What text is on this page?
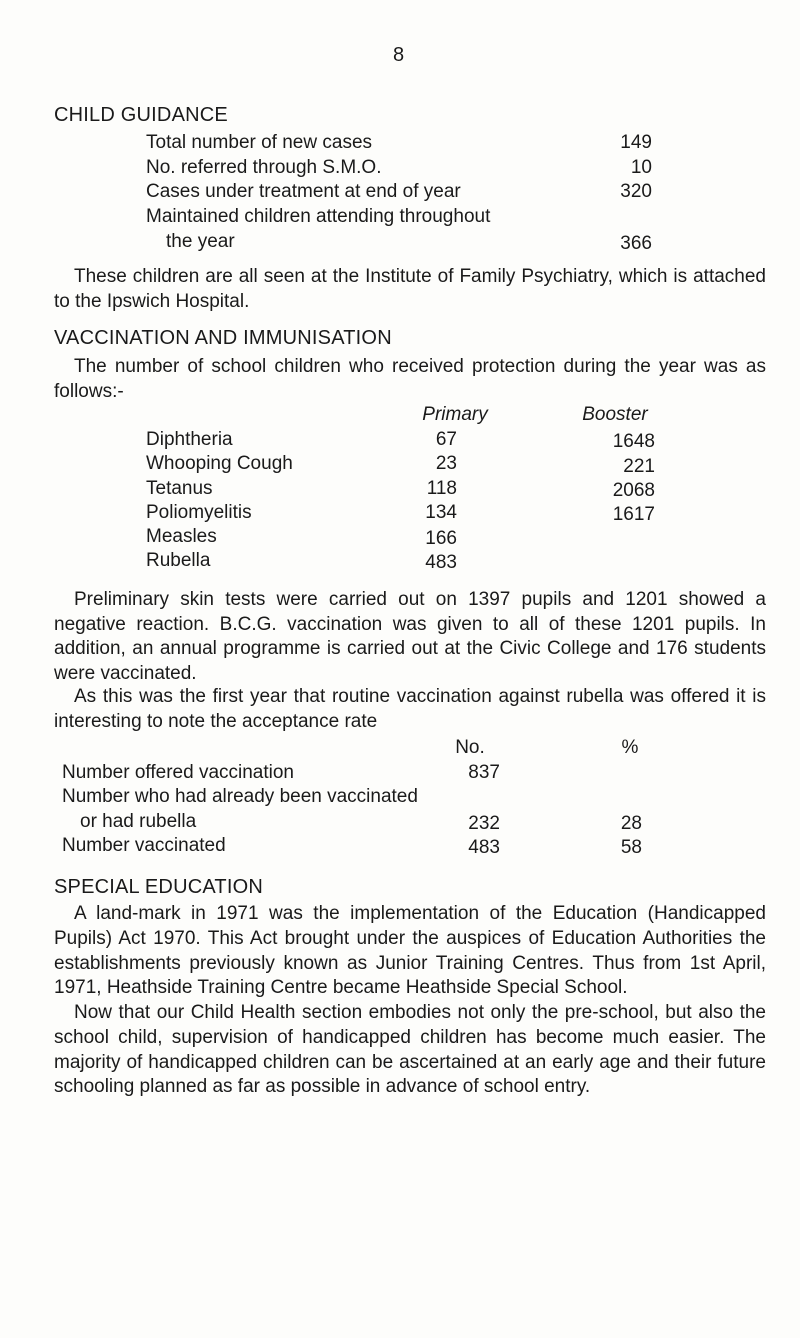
8
CHILD GUIDANCE
Total number of new cases	149
No. referred through S.M.O.	10
Cases under treatment at end of year	320
Maintained children attending throughout
the year	366
These children are all seen at the Institute of Family Psychiatry, which is attached to the Ipswich Hospital.
VACCINATION AND IMMUNISATION
The number of school children who received protection during the year was as follows:-
Primary	Booster
Diphtheria	67	1648
Whooping Cough	23	221
Tetanus	118	2068
Poliomyelitis	134	1617
Measles	166
Rubella	483
Preliminary skin tests were carried out on 1397 pupils and 1201 showed a negative reaction. B.C.G. vaccination was given to all of these 1201 pupils. In addition, an annual programme is carried out at the Civic College and 176 students were vaccinated.
As this was the first year that routine vaccination against rubella was offered it is interesting to note the acceptance rate
No.	%
Number offered vaccination	837
Number who had already been vaccinated
or had rubella	232	28
Number vaccinated	483	58
SPECIAL EDUCATION
A land-mark in 1971 was the implementation of the Education (Handicapped Pupils) Act 1970. This Act brought under the auspices of Education Authorities the establishments previously known as Junior Training Centres. Thus from 1st April, 1971, Heathside Training Centre became Heathside Special School.
Now that our Child Health section embodies not only the pre-school, but also the school child, supervision of handicapped children has become much easier. The majority of handicapped children can be ascertained at an early age and their future schooling planned as far as possible in advance of school entry.
